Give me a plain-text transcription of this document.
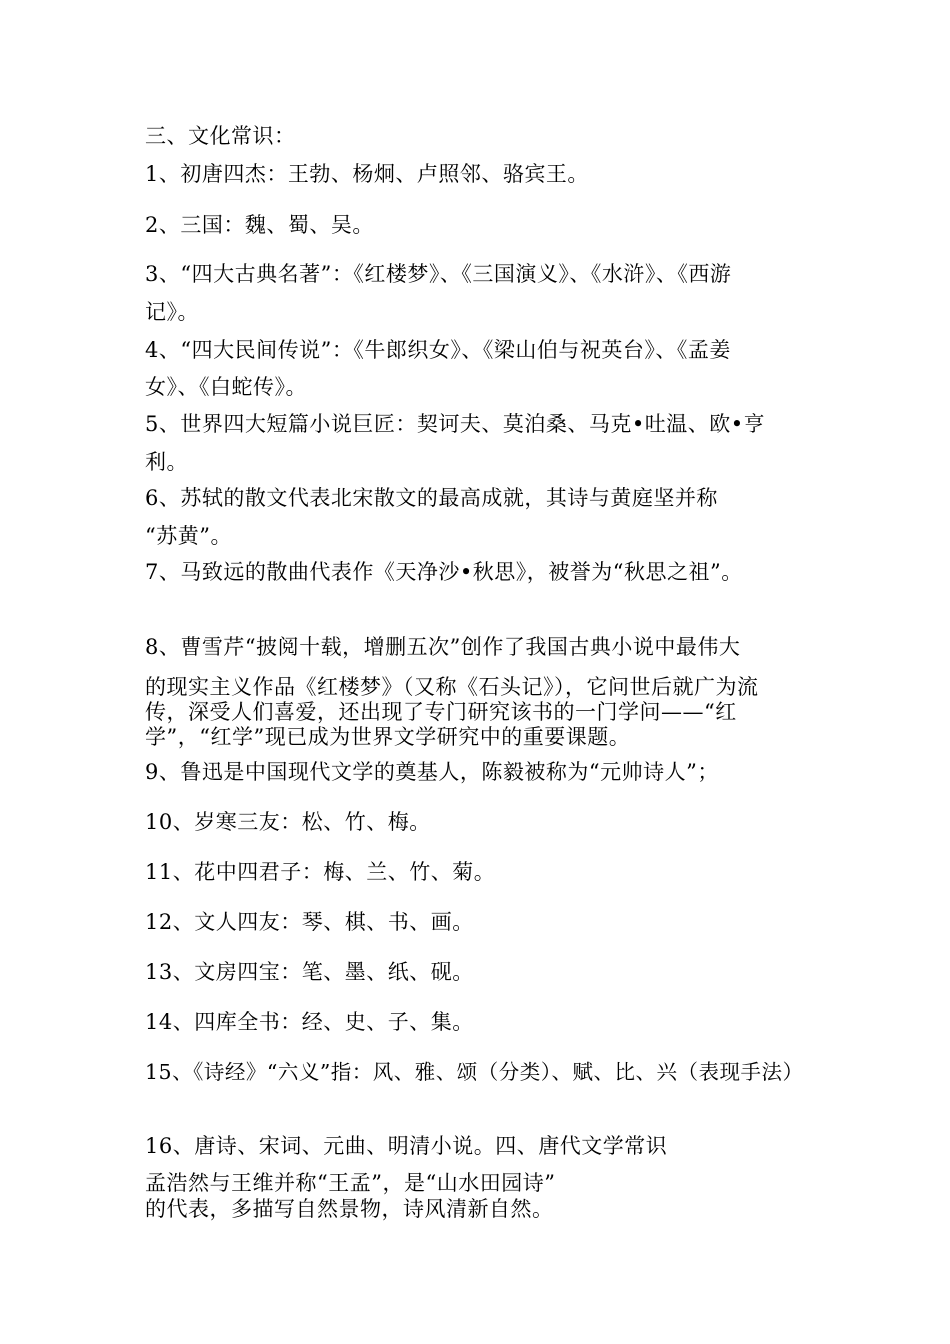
三、文化常识：
1、初唐四杰：王勃、杨炯、卢照邻、骆宾王。
2、三国：魏、蜀、吴。
3、“四大古典名著”：《红楼梦》、《三国演义》、《水浒》、《西游
记》。
4、“四大民间传说”：《牛郎织女》、《梁山伯与祝英台》、《孟姜
女》、《白蛇传》。
5、世界四大短篇小说巨匠：契诃夫、莫泊桑、马克•吐温、欧•亨
利。
6、苏轼的散文代表北宋散文的最高成就，其诗与黄庭坚并称
“苏黄”。
7、马致远的散曲代表作《天净沙•秋思》，被誉为“秋思之祖”。
8、曹雪芹“披阅十载，增删五次”创作了我国古典小说中最伟大
的现实主义作品《红楼梦》（又称《石头记》），它问世后就广为流
传，深受人们喜爱，还出现了专门研究该书的一门学问——“红
学”，“红学”现已成为世界文学研究中的重要课题。
9、鲁迅是中国现代文学的奠基人，陈毅被称为“元帅诗人”；
10、岁寒三友：松、竹、梅。
11、花中四君子：梅、兰、竹、菊。
12、文人四友：琴、棋、书、画。
13、文房四宝：笔、墨、纸、砚。
14、四库全书：经、史、子、集。
15、《诗经》“六义”指：风、雅、颂（分类）、赋、比、兴（表现手法）
16、唐诗、宋词、元曲、明清小说。四、唐代文学常识
孟浩然与王维并称“王孟”，是“山水田园诗”
的代表，多描写自然景物，诗风清新自然。
